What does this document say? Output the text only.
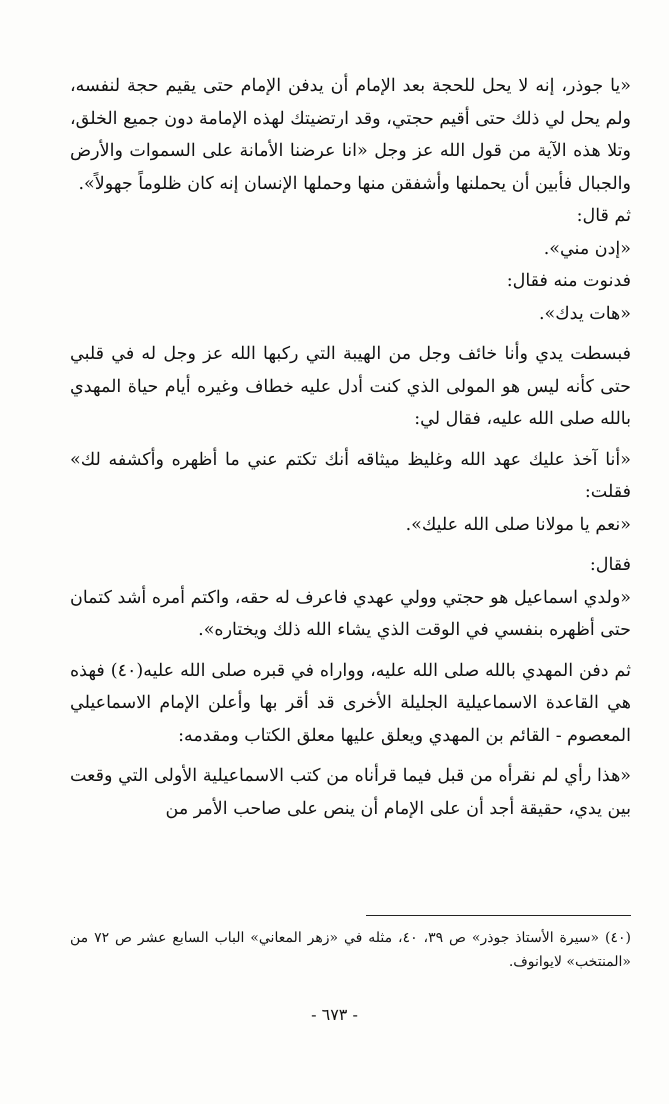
«يا جوذر، إنه لا يحل للحجة بعد الإمام أن يدفن الإمام حتى يقيم حجة لنفسه، ولم يحل لي ذلك حتى أقيم حجتي، وقد ارتضيتك لهذه الإمامة دون جميع الخلق، وتلا هذه الآية من قول الله عز وجل «انا عرضنا الأمانة على السموات والأرض والجبال فأبين أن يحملنها وأشفقن منها وحملها الإنسان إنه كان ظلوماً جهولاً».

ثم قال:

«إدن مني».

فدنوت منه فقال:

«هات يدك».

فبسطت يدي وأنا خائف وجل من الهيبة التي ركبها الله عز وجل له في قلبي حتى كأنه ليس هو المولى الذي كنت أدل عليه خطاف وغيره أيام حياة المهدي بالله صلى الله عليه، فقال لي:

«أنا آخذ عليك عهد الله وغليظ ميثاقه أنك تكتم عني ما أظهره وأكشفه لك» فقلت:

«نعم يا مولانا صلى الله عليك».

فقال:

«ولدي اسماعيل هو حجتي وولي عهدي فاعرف له حقه، واكتم أمره أشد كتمان حتى أظهره بنفسي في الوقت الذي يشاء الله ذلك ويختاره».

ثم دفن المهدي بالله صلى الله عليه، وواراه في قبره صلى الله عليه(٤٠) فهذه هي القاعدة الاسماعيلية الجليلة الأخرى قد أقر بها وأعلن الإمام الاسماعيلي المعصوم - القائم بن المهدي ويعلق عليها معلق الكتاب ومقدمه:

«هذا رأي لم نقرأه من قبل فيما قرأناه من كتب الاسماعيلية الأولى التي وقعت بين يدي، حقيقة أجد أن على الإمام أن ينص على صاحب الأمر من

(٤٠) «سيرة الأستاذ جوذر» ص ٣٩، ٤٠، مثله في «زهر المعاني» الباب السابع عشر ص ٧٢ من «المنتخب» لايوانوف.

- ٦٧٣ -
